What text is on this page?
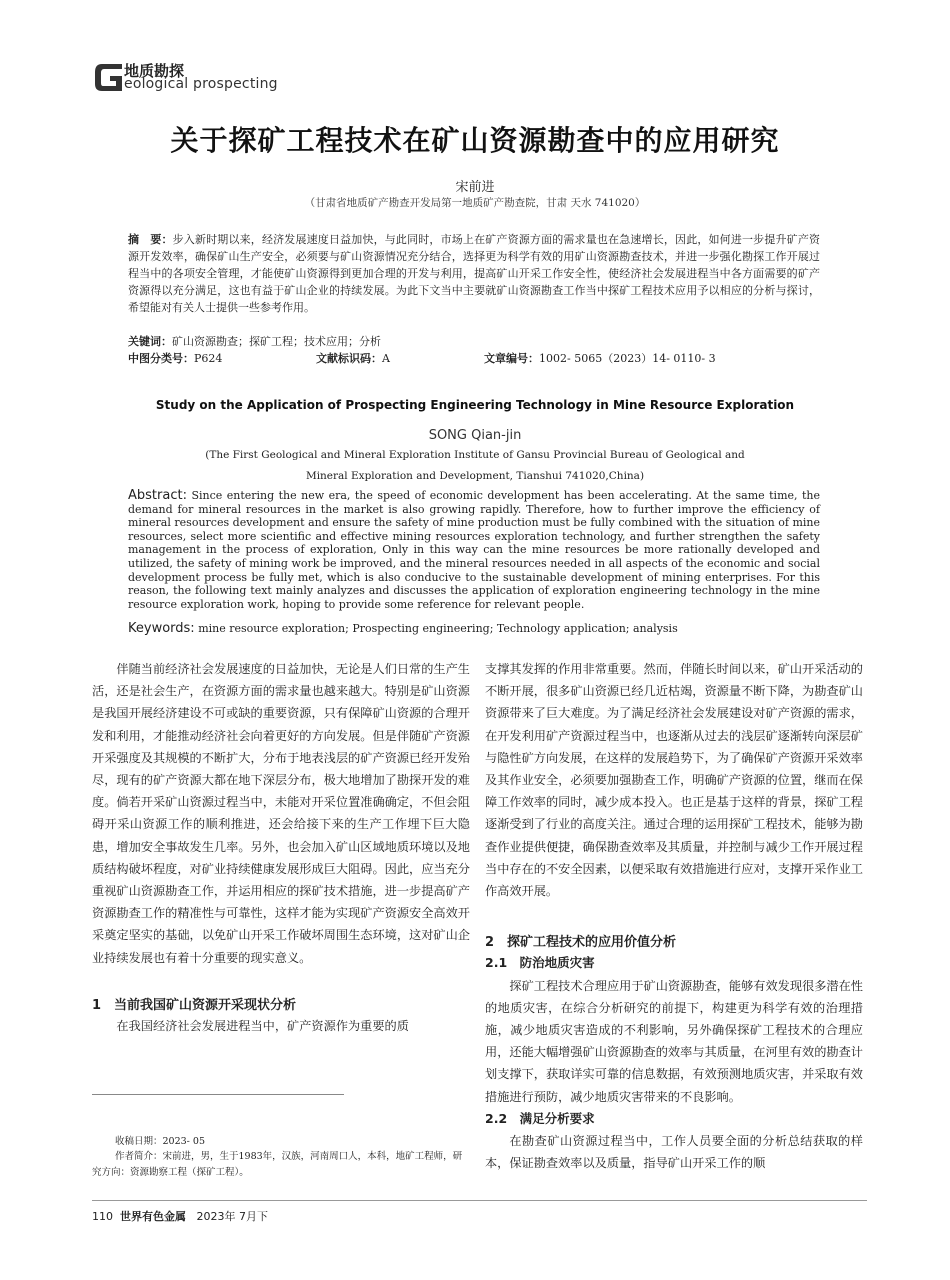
地质勘探
eological prospecting
关于探矿工程技术在矿山资源勘查中的应用研究
宋前进
（甘肃省地质矿产勘查开发局第一地质矿产勘查院，甘肃 天水 741020）
摘　要：步入新时期以来，经济发展速度日益加快，与此同时，市场上在矿产资源方面的需求量也在急速增长，因此，如何进一步提升矿产资源开发效率，确保矿山生产安全，必须要与矿山资源情况充分结合，选择更为科学有效的用矿山资源勘查技术，并进一步强化勘探工作开展过程当中的各项安全管理，才能使矿山资源得到更加合理的开发与利用，提高矿山开采工作安全性，使经济社会发展进程当中各方面需要的矿产资源得以充分满足，这也有益于矿山企业的持续发展。为此下文当中主要就矿山资源勘查工作当中探矿工程技术应用予以相应的分析与探讨，希望能对有关人士提供一些参考作用。
关键词：矿山资源勘查；探矿工程；技术应用；分析
中图分类号：P624	文献标识码：A	文章编号：1002- 5065（2023）14- 0110- 3
Study on the Application of Prospecting Engineering Technology in Mine Resource Exploration
SONG Qian-jin
(The First Geological and Mineral Exploration Institute of Gansu Provincial Bureau of Geological and
Mineral Exploration and Development, Tianshui 741020,China)
Abstract: Since entering the new era, the speed of economic development has been accelerating. At the same time, the demand for mineral resources in the market is also growing rapidly. Therefore, how to further improve the efficiency of mineral resources development and ensure the safety of mine production must be fully combined with the situation of mine resources, select more scientific and effective mining resources exploration technology, and further strengthen the safety management in the process of exploration, Only in this way can the mine resources be more rationally developed and utilized, the safety of mining work be improved, and the mineral resources needed in all aspects of the economic and social development process be fully met, which is also conducive to the sustainable development of mining enterprises. For this reason, the following text mainly analyzes and discusses the application of exploration engineering technology in the mine resource exploration work, hoping to provide some reference for relevant people.
Keywords: mine resource exploration; Prospecting engineering; Technology application; analysis

伴随当前经济社会发展速度的日益加快，无论是人们日常的生产生活，还是社会生产，在资源方面的需求量也越来越大。特别是矿山资源是我国开展经济建设不可或缺的重要资源，只有保障矿山资源的合理开发和利用，才能推动经济社会向着更好的方向发展。但是伴随矿产资源开采强度及其规模的不断扩大，分布于地表浅层的矿产资源已经开发殆尽，现有的矿产资源大都在地下深层分布，极大地增加了勘探开发的难度。倘若开采矿山资源过程当中，未能对开采位置准确确定，不但会阻碍开采山资源工作的顺利推进，还会给接下来的生产工作埋下巨大隐患，增加安全事故发生几率。另外，也会加入矿山区域地质环境以及地质结构破坏程度，对矿业持续健康发展形成巨大阻碍。因此，应当充分重视矿山资源勘查工作，并运用相应的探矿技术措施，进一步提高矿产资源勘查工作的精准性与可靠性，这样才能为实现矿产资源安全高效开采奠定坚实的基础，以免矿山开采工作破坏周围生态环境，这对矿山企业持续发展也有着十分重要的现实意义。

1　当前我国矿山资源开采现状分析

在我国经济社会发展进程当中，矿产资源作为重要的质

支撑其发挥的作用非常重要。然而，伴随长时间以来，矿山开采活动的不断开展，很多矿山资源已经几近枯竭，资源量不断下降，为勘查矿山资源带来了巨大难度。为了满足经济社会发展建设对矿产资源的需求，在开发利用矿产资源过程当中，也逐渐从过去的浅层矿逐渐转向深层矿与隐性矿方向发展，在这样的发展趋势下，为了确保矿产资源开采效率及其作业安全，必须要加强勘查工作，明确矿产资源的位置，继而在保障工作效率的同时，减少成本投入。也正是基于这样的背景，探矿工程逐渐受到了行业的高度关注。通过合理的运用探矿工程技术，能够为勘查作业提供便捷，确保勘查效率及其质量，并控制与减少工作开展过程当中存在的不安全因素，以便采取有效措施进行应对，支撑开采作业工作高效开展。

2　探矿工程技术的应用价值分析
2.1　防治地质灾害

探矿工程技术合理应用于矿山资源勘查，能够有效发现很多潜在性的地质灾害，在综合分析研究的前提下，构建更为科学有效的治理措施，减少地质灾害造成的不利影响，另外确保探矿工程技术的合理应用，还能大幅增强矿山资源勘查的效率与其质量，在河里有效的勘查计划支撑下，获取详实可靠的信息数据，有效预测地质灾害，并采取有效措施进行预防，减少地质灾害带来的不良影响。

2.2　满足分析要求

在勘查矿山资源过程当中，工作人员要全面的分析总结获取的样本，保证勘查效率以及质量，指导矿山开采工作的顺

收稿日期：2023- 05
作者简介：宋前进，男，生于1983年，汉族，河南周口人，本科，地矿工程师，研究方向：资源勘察工程（探矿工程）。
110 世界有色金属 2023年 7月下
